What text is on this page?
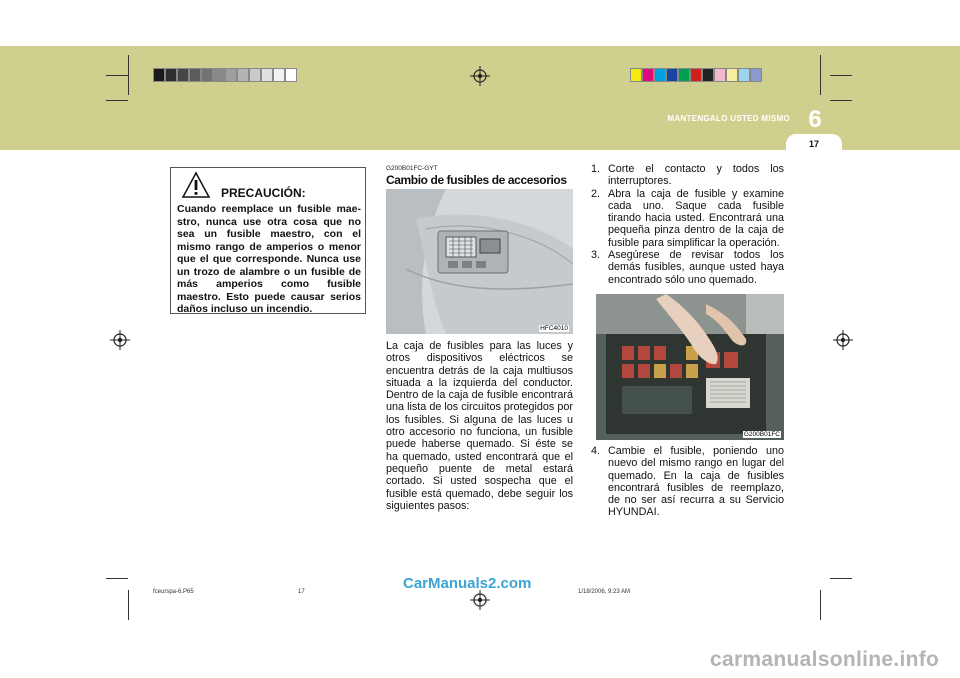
MANTENGALO USTED MISMO 6
17
PRECAUCIÓN:
Cuando reemplace un fusible mae-stro, nunca use otra cosa que no sea un fusible maestro, con el mismo rango de amperios o menor que el que corresponde. Nunca use un trozo de alambre o un fusible de más amperios como fusible maestro. Esto puede causar serios daños incluso un incendio.
G200B01FC-GYT
Cambio de fusibles de accesorios
HFC4010
La caja de fusibles para las luces y otros dispositivos eléctricos se encuentra detrás de la caja multiusos situada a la izquierda del conductor. Dentro de la caja de fusible encontrará una lista de los circuitos protegidos por los fusibles. Si alguna de las luces u otro accesorio no funciona, un fusible puede haberse quemado. Si éste se ha quemado, usted encontrará que el pequeño puente de metal estará cortado. Si usted sospecha que el fusible está quemado, debe seguir los siguientes pasos:
1. Corte el contacto y todos los interruptores.
2. Abra la caja de fusible y examine cada uno. Saque cada fusible tirando hacia usted. Encontrará una pequeña pinza dentro de la caja de fusible para simplificar la operación.
3. Asegúrese de revisar todos los demás fusibles, aunque usted haya encontrado sólo uno quemado.
G200B01FC
4. Cambie el fusible, poniendo uno nuevo del mismo rango en lugar del quemado. En la caja de fusibles encontrará fusibles de reemplazo, de no ser así recurra a su Servicio HYUNDAI.
fceurspa-6.P65	17	1/18/2006, 9:23 AM
CarManuals2.com
carmanualsonline.info
